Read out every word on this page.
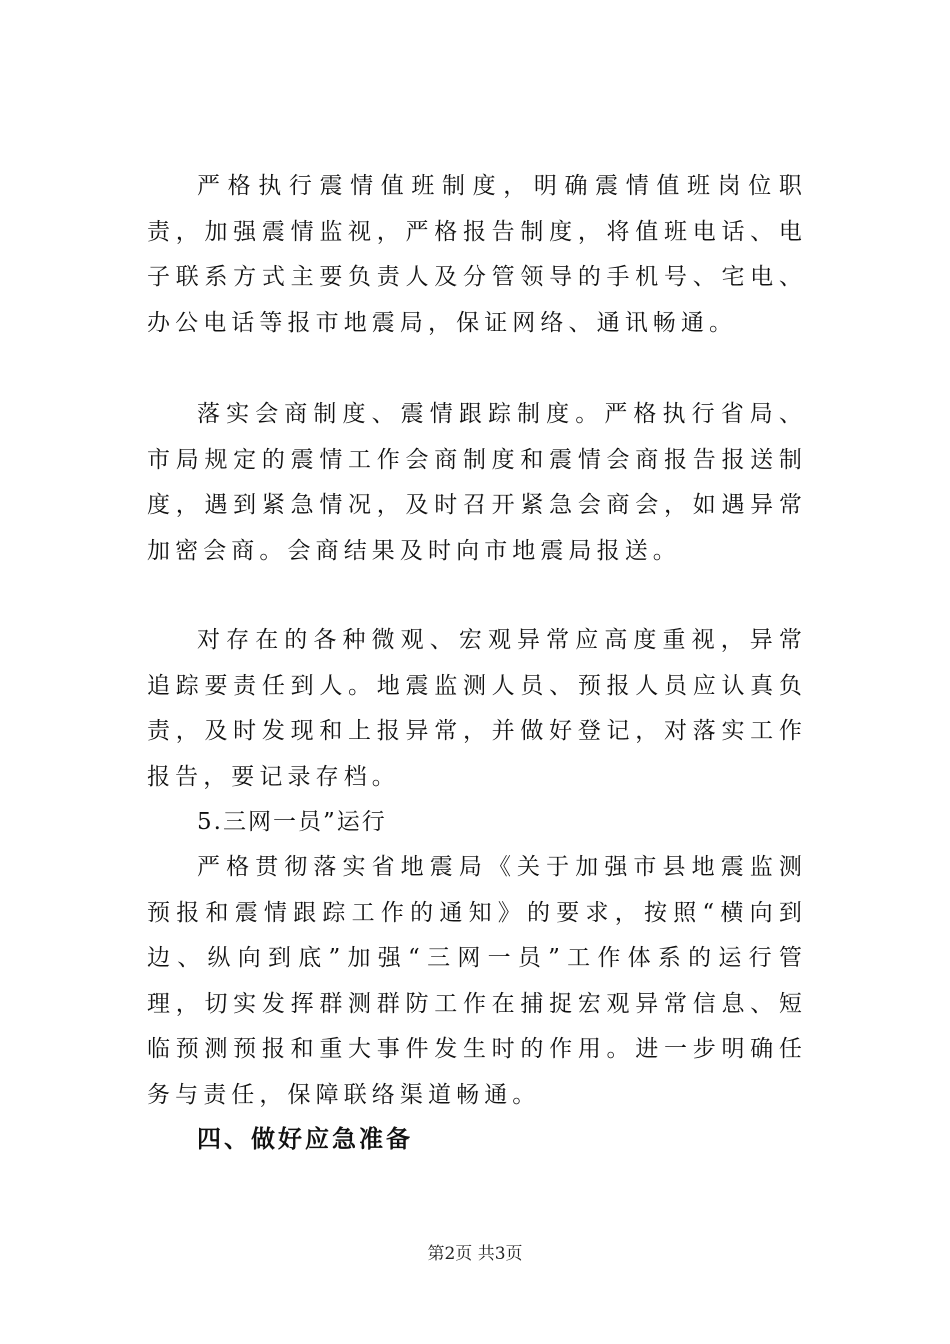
严格执行震情值班制度，明确震情值班岗位职责，加强震情监视，严格报告制度，将值班电话、电子联系方式主要负责人及分管领导的手机号、宅电、办公电话等报市地震局，保证网络、通讯畅通。

落实会商制度、震情跟踪制度。严格执行省局、市局规定的震情工作会商制度和震情会商报告报送制度，遇到紧急情况，及时召开紧急会商会，如遇异常加密会商。会商结果及时向市地震局报送。

对存在的各种微观、宏观异常应高度重视，异常追踪要责任到人。地震监测人员、预报人员应认真负责，及时发现和上报异常，并做好登记，对落实工作报告，要记录存档。

5.三网一员”运行

严格贯彻落实省地震局《关于加强市县地震监测预报和震情跟踪工作的通知》的要求，按照“横向到边、纵向到底”加强“三网一员”工作体系的运行管理，切实发挥群测群防工作在捕捉宏观异常信息、短临预测预报和重大事件发生时的作用。进一步明确任务与责任，保障联络渠道畅通。

四、做好应急准备

第2页 共3页
